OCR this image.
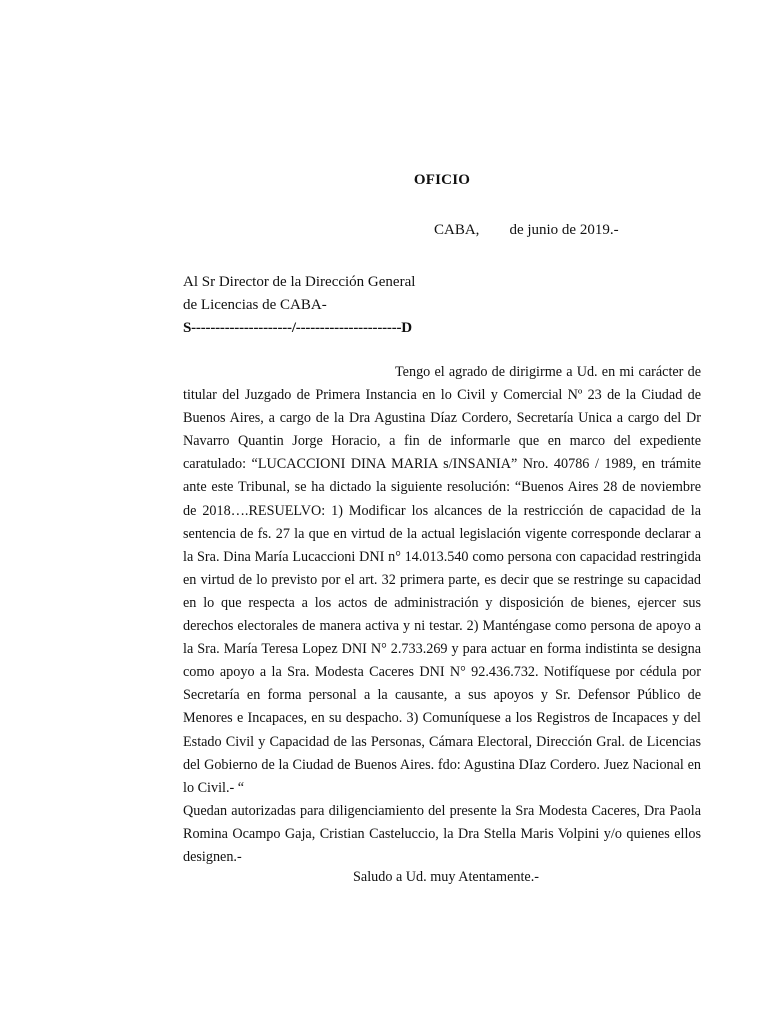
OFICIO
CABA, de junio de 2019.-
Al Sr Director de la Dirección General
de Licencias de CABA-
S---------------------/----------------------D

Tengo el agrado de dirigirme a Ud. en mi carácter de titular del Juzgado de Primera Instancia en lo Civil y Comercial Nº 23 de la Ciudad de Buenos Aires, a cargo de la Dra Agustina Díaz Cordero, Secretaría Unica a cargo del Dr Navarro Quantin Jorge Horacio, a fin de informarle que en marco del expediente caratulado: “LUCACCIONI DINA MARIA s/INSANIA” Nro. 40786 / 1989, en trámite ante este Tribunal, se ha dictado la siguiente resolución: “Buenos Aires 28 de noviembre de 2018….RESUELVO: 1) Modificar los alcances de la restricción de capacidad de la sentencia de fs. 27 la que en virtud de la actual legislación vigente corresponde declarar a la Sra. Dina María Lucaccioni DNI n° 14.013.540 como persona con capacidad restringida en virtud de lo previsto por el art. 32 primera parte, es decir que se restringe su capacidad en lo que respecta a los actos de administración y disposición de bienes, ejercer sus derechos electorales de manera activa y ni testar. 2) Manténgase como persona de apoyo a la Sra. María Teresa Lopez DNI N° 2.733.269 y para actuar en forma indistinta se designa como apoyo a la Sra. Modesta Caceres DNI N° 92.436.732. Notifíquese por cédula por Secretaría en forma personal a la causante, a sus apoyos y Sr. Defensor Público de Menores e Incapaces, en su despacho. 3) Comuníquese a los Registros de Incapaces y del Estado Civil y Capacidad de las Personas, Cámara Electoral, Dirección Gral. de Licencias del Gobierno de la Ciudad de Buenos Aires. fdo: Agustina DIaz Cordero. Juez Nacional en lo Civil.- “

Quedan autorizadas para diligenciamiento del presente la Sra Modesta Caceres, Dra Paola Romina Ocampo Gaja, Cristian Casteluccio, la Dra Stella Maris Volpini y/o quienes ellos designen.-

Saludo a Ud. muy Atentamente.-
